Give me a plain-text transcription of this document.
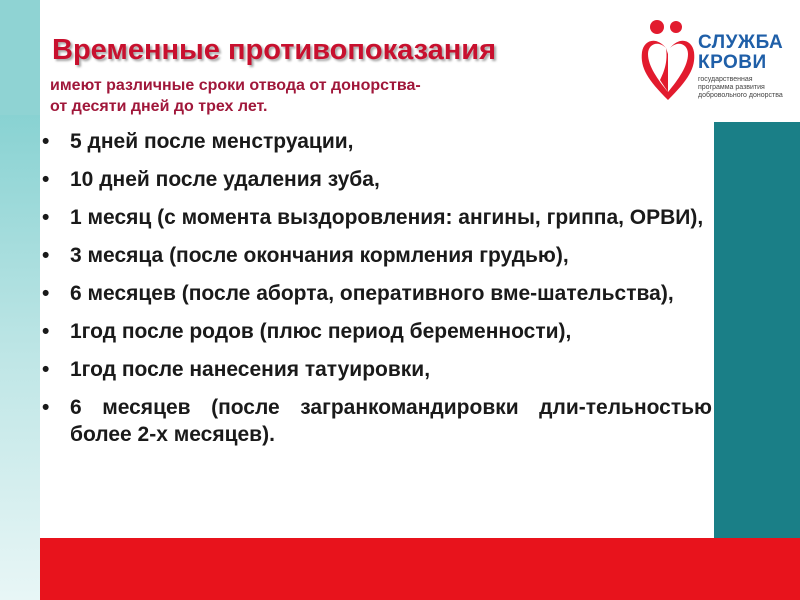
Временные противопоказания
имеют различные сроки отвода от донорства-
от десяти дней до трех лет.
СЛУЖБА
КРОВИ
государственная
программа развития
добровольного донорства
• 5 дней после менструации,
• 10 дней после удаления зуба,
• 1 месяц (с момента выздоровления: ангины, гриппа, ОРВИ),
• 3 месяца (после окончания кормления грудью),
• 6 месяцев (после аборта, оперативного вме-шательства),
• 1год после родов (плюс период беременности),
• 1год после нанесения татуировки,
• 6 месяцев (после загранкомандировки дли-тельностью более 2-х месяцев).
